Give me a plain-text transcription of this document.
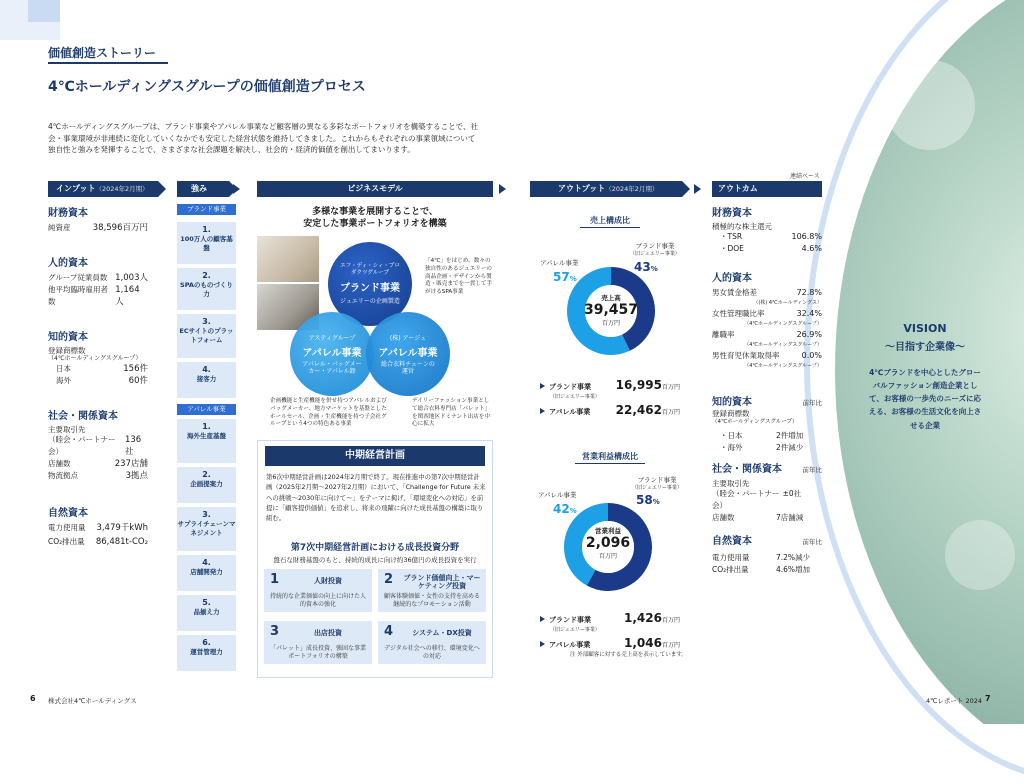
価値創造ストーリー
4℃ホールディングスグループの価値創造プロセス
4℃ホールディングスグループは、ブランド事業やアパレル事業など顧客層の異なる多彩なポートフォリオを構築することで、社会・事業環境が非連続に変化していくなかでも安定した経営状態を維持してきました。これからもそれぞれの事業領域について独自性と強みを発揮することで、さまざまな社会課題を解決し、社会的・経済的価値を創出してまいります。
インプット（2024年2月期）	強み	ビジネスモデル	アウトプット（2024年2月期）	アウトカム（2024年2月末時点）
連結ベース
財務資本
純資産	38,596百万円
人的資本
グループ従業員数 1,003人
他平均臨時雇用者数
1,164人
知的資本
登録商標数
（4℃ホールディングスグループ）
日本	156件
海外	60件
社会・関係資本
主要取引先
（睦会・パートナー会）
136社
店舗数	237店舗
物流拠点	3拠点
自然資本
電力使用量 3,479千kWh
CO₂排出量 86,481t-CO₂
ブランド事業
1.
100万人の顧客基盤
2.
SPAのものづくり力
3.
ECサイトのプラットフォーム
4.
接客力
アパレル事業
1.
海外生産基盤
2.
企画提案力
3.
サプライチェーンマネジメント
4.
店舗開発力
5.
品揃え力
6.
運営管理力
多様な事業を展開することで、
安定した事業ポートフォリオを構築
エフ・ディ・シィ・プロダクツグループ
ブランド事業
ジュエリーの企画製造
アスティグループ
アパレル事業
アパレル・バッグメーカー・アパレル卸
(株) アージュ
アパレル事業
総合衣料チェーンの運営
「4℃」をはじめ、数々の独自性のあるジュエリーの商品企画・デザインから製造・販売までを一貫して手がけるSPA事業
企画機能と生産機能を併せ持つアパレルおよびバッグメーカー、地方マーケットを基盤としたホールセール、企画・生産機能を持つ子会社グループという4つの特色ある事業
デイリーファッション事業として総合衣料専門店「パレット」を関西地区ドミナント出店を中心に拡大
中期経営計画
第6次中期経営計画は2024年2月期で終了。現在推進中の第7次中期経営計画（2025年2月期〜2027年2月期）において、「Challenge for Future 未来への挑戦〜2030年に向けて〜」をテーマに掲げ、「環境変化への対応」を前提に「顧客提供価値」を追求し、将来の飛躍に向けた成長基盤の構築に取り組む。
第7次中期経営計画における成長投資分野
盤石な財務基盤のもと、持続的成長に向け約36億円の成長投資を実行
1	人財投資
持続的な企業価値の向上に向けた人的資本の強化
2 ブランド価値向上・マーケティング投資
顧客体験価値・女性の支持を高める継続的なプロモーション活動
3	出店投資
「パレット」成長投資、強固な事業ポートフォリオの構築
4	システム・DX投資
デジタル社会への移行、環境変化への対応
売上構成比
売上高
39,457
百万円
ブランド事業
（旧ジュエリー事業）
43%
アパレル事業
57%
ブランド事業 16,995百万円
（旧ジュエリー事業）
アパレル事業 22,462百万円
営業利益構成比
営業利益
2,096
百万円
ブランド事業
（旧ジュエリー事業）
58%
アパレル事業
42%
ブランド事業	1,426百万円
（旧ジュエリー事業）
アパレル事業	1,046百万円
注 外部顧客に対する売上高を表示しています。
財務資本
積極的な株主還元
・TSR	106.8%
・DOE	4.6%
人的資本
男女賃金格差	72.8%
（(株) 4℃ホールディングス）
女性管理職比率	32.4%
（4℃ホールディングスグループ）
離職率	26.9%
（4℃ホールディングスグループ）
男性育児休業取得率	0.0%
（4℃ホールディングスグループ）
知的資本	前年比
登録商標数
（4℃ホールディングスグループ）
・日本	2件増加
・海外	2件減少
社会・関係資本	前年比
主要取引先
（睦会・パートナー会）
±0社
店舗数	7店舗減
自然資本	前年比
電力使用量	7.2%減少
CO₂排出量	4.6%増加
VISION
〜目指す企業像〜
4℃ブランドを中心としたグローバルファッション創造企業として、お客様の一歩先のニーズに応える、お客様の生活文化を向上させる企業
6 株式会社4℃ホールディングス	4℃レポート 2024 7
